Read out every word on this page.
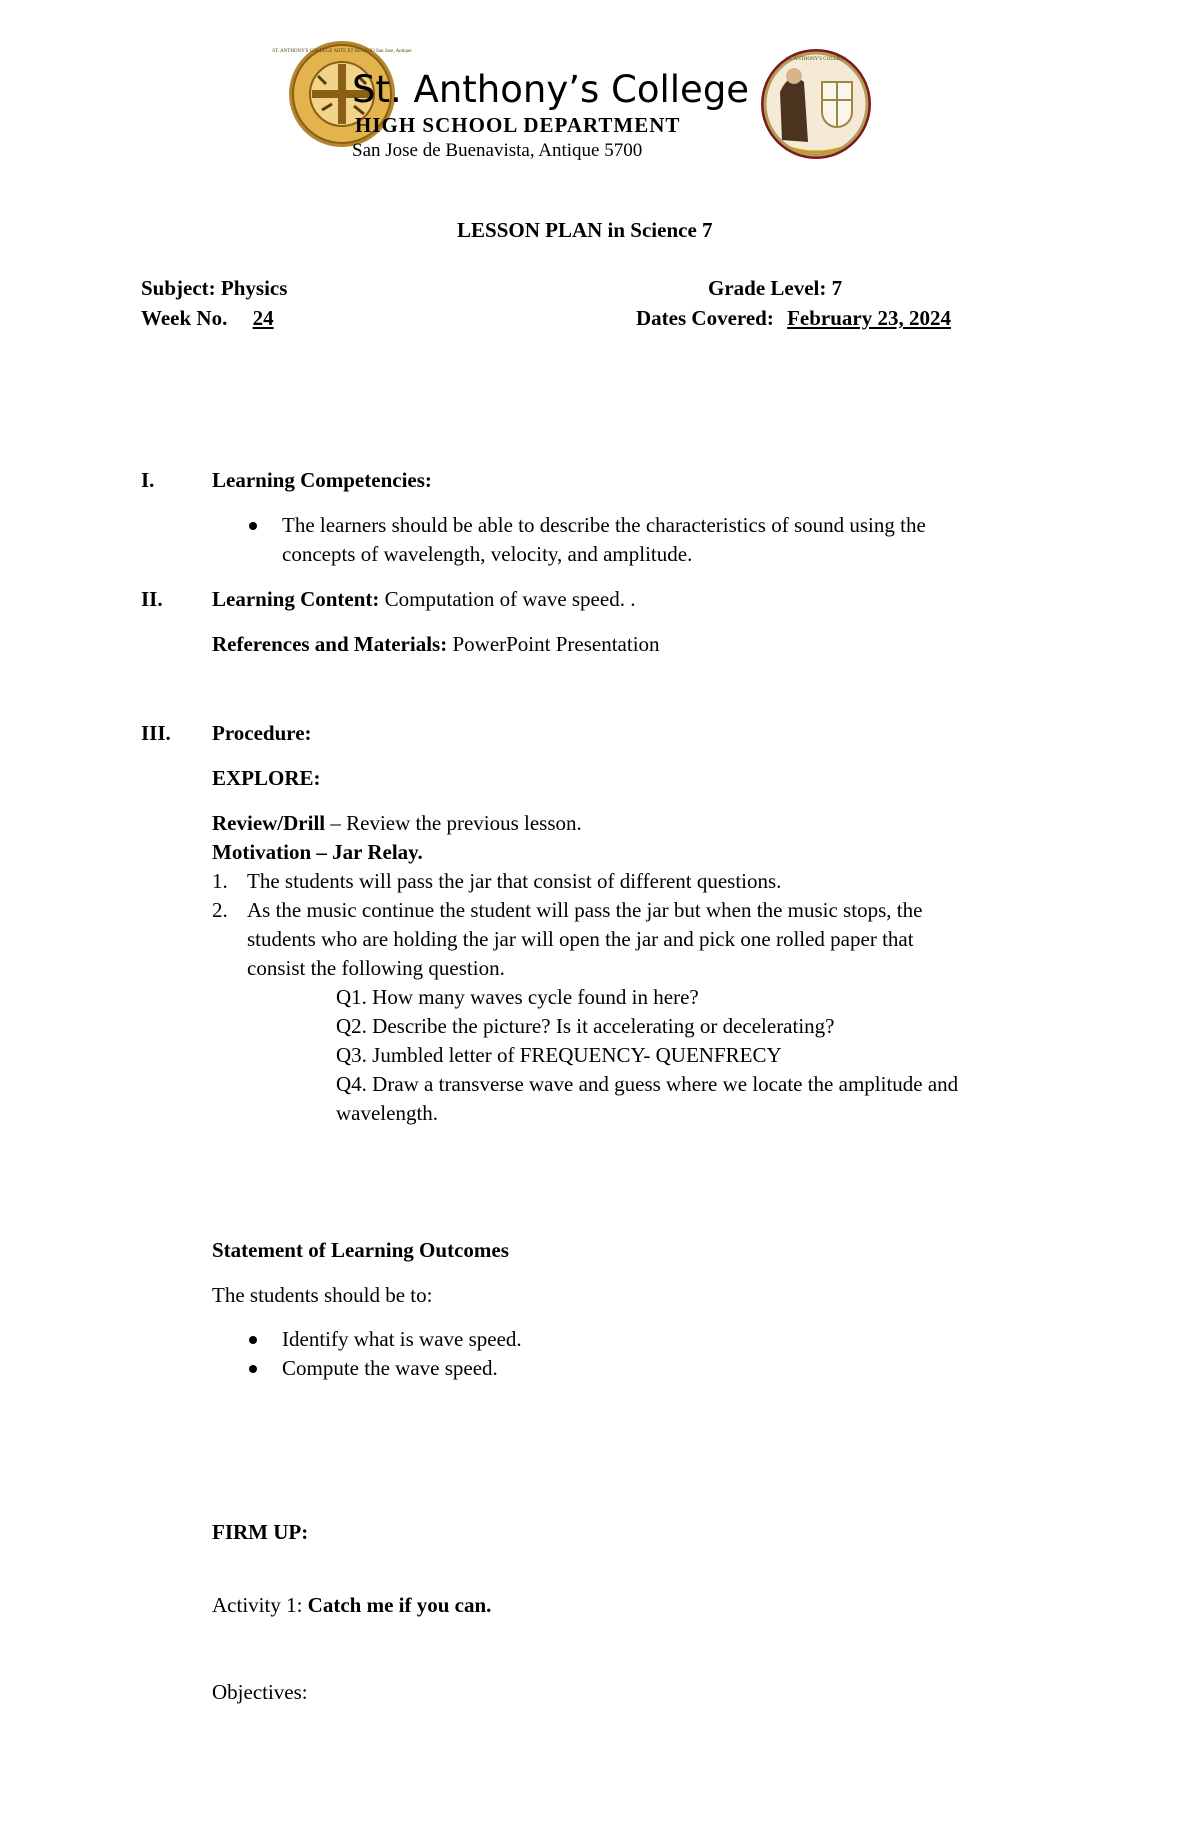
ST. ANTHONY'S COLLEGE ARTE ET RELIGIO San Jose, Antique
ST. ANTHONY'S COLLEGE
St. Anthony’s College
HIGH SCHOOL DEPARTMENT
San Jose de Buenavista, Antique 5700
LESSON PLAN in Science 7
Subject: Physics	Grade Level: 7
Week No. 24	Dates Covered: February 23, 2024
I.	Learning Competencies:
The learners should be able to describe the characteristics of sound using the
concepts of wavelength, velocity, and amplitude.
II. Learning Content: Computation of wave speed. .
References and Materials: PowerPoint Presentation
III. Procedure:
EXPLORE:
Review/Drill – Review the previous lesson.
Motivation – Jar Relay.
1. The students will pass the jar that consist of different questions.
2. As the music continue the student will pass the jar but when the music stops, the
students who are holding the jar will open the jar and pick one rolled paper that
consist the following question.
Q1. How many waves cycle found in here?
Q2. Describe the picture? Is it accelerating or decelerating?
Q3. Jumbled letter of FREQUENCY- QUENFRECY
Q4. Draw a transverse wave and guess where we locate the amplitude and
wavelength.
Statement of Learning Outcomes
The students should be to:
Identify what is wave speed.
Compute the wave speed.
FIRM UP:
Activity 1: Catch me if you can.
Objectives:
